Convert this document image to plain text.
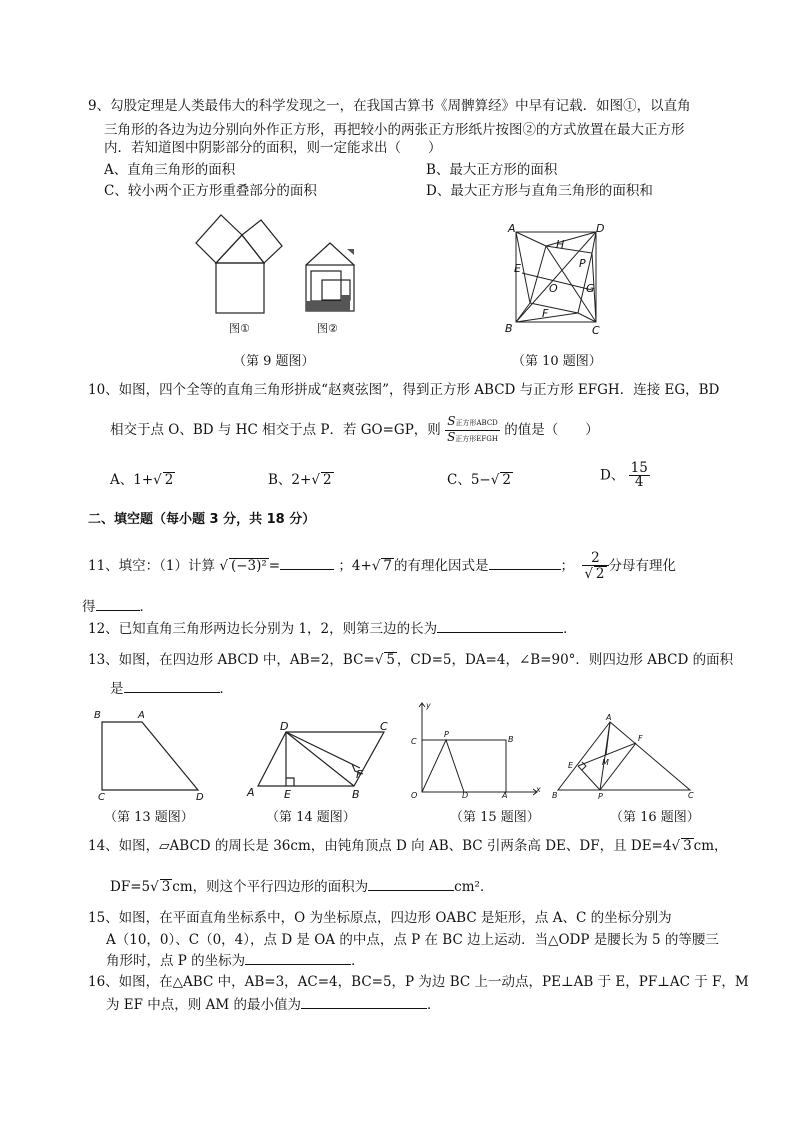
9、勾股定理是人类最伟大的科学发现之一，在我国古算书《周髀算经》中早有记载．如图①，以直角
三角形的各边为边分别向外作正方形，再把较小的两张正方形纸片按图②的方式放置在最大正方形
内．若知道图中阴影部分的面积，则一定能求出（　　）
A、直角三角形的面积	B、最大正方形的面积
C、较小两个正方形重叠部分的面积	D、最大正方形与直角三角形的面积和
图①	图②
（第 9 题图）
A	D
H
P
E
O	G
F
B	C
（第 10 题图）
10、如图，四个全等的直角三角形拼成“赵爽弦图”，得到正方形 ABCD 与正方形 EFGH．连接 EG，BD
相交于点 O、BD 与 HC 相交于点 P．若 GO=GP，则 $\frac{\text{S正方形ABCD}}{\text{S正方形EFGH}}$ 的值是（　　）
A、1+√ 2	B、2+√ 2	C、5−√ 2	D、 $\frac{15}{4}$
二、填空题（每小题 3 分，共 18 分）
11、填空：（1）计算 √ (−3)² =	；4+√ 7 的有理化因式是	； $\frac{2}{√ 2}$ 分母有理化
得	．
12、已知直角三角形两边长分别为 1，2，则第三边的长为	．
13、如图，在四边形 ABCD 中，AB=2，BC=√ 5 ，CD=5，DA=4，∠B=90°．则四边形 ABCD 的面积
是	．
B	A
C	D
（第 13 题图）
D	C
A	E	B
F
（第 14 题图）
y
C
P
B
O	D	A
x
（第 15 题图）
A
F
E	M
B	P	C
（第 16 题图）
14、如图，▱ABCD 的周长是 36cm，由钝角顶点 D 向 AB、BC 引两条高 DE、DF，且 DE=4√ 3 cm，
DF=5√ 3 cm，则这个平行四边形的面积为	cm²．
15、如图，在平面直角坐标系中，O 为坐标原点，四边形 OABC 是矩形，点 A、C 的坐标分别为
A（10，0）、C（0，4），点 D 是 OA 的中点，点 P 在 BC 边上运动．当△ODP 是腰长为 5 的等腰三
角形时，点 P 的坐标为	．
16、如图，在△ABC 中，AB=3，AC=4，BC=5，P 为边 BC 上一动点，PE⊥AB 于 E，PF⊥AC 于 F，M
为 EF 中点，则 AM 的最小值为	．
